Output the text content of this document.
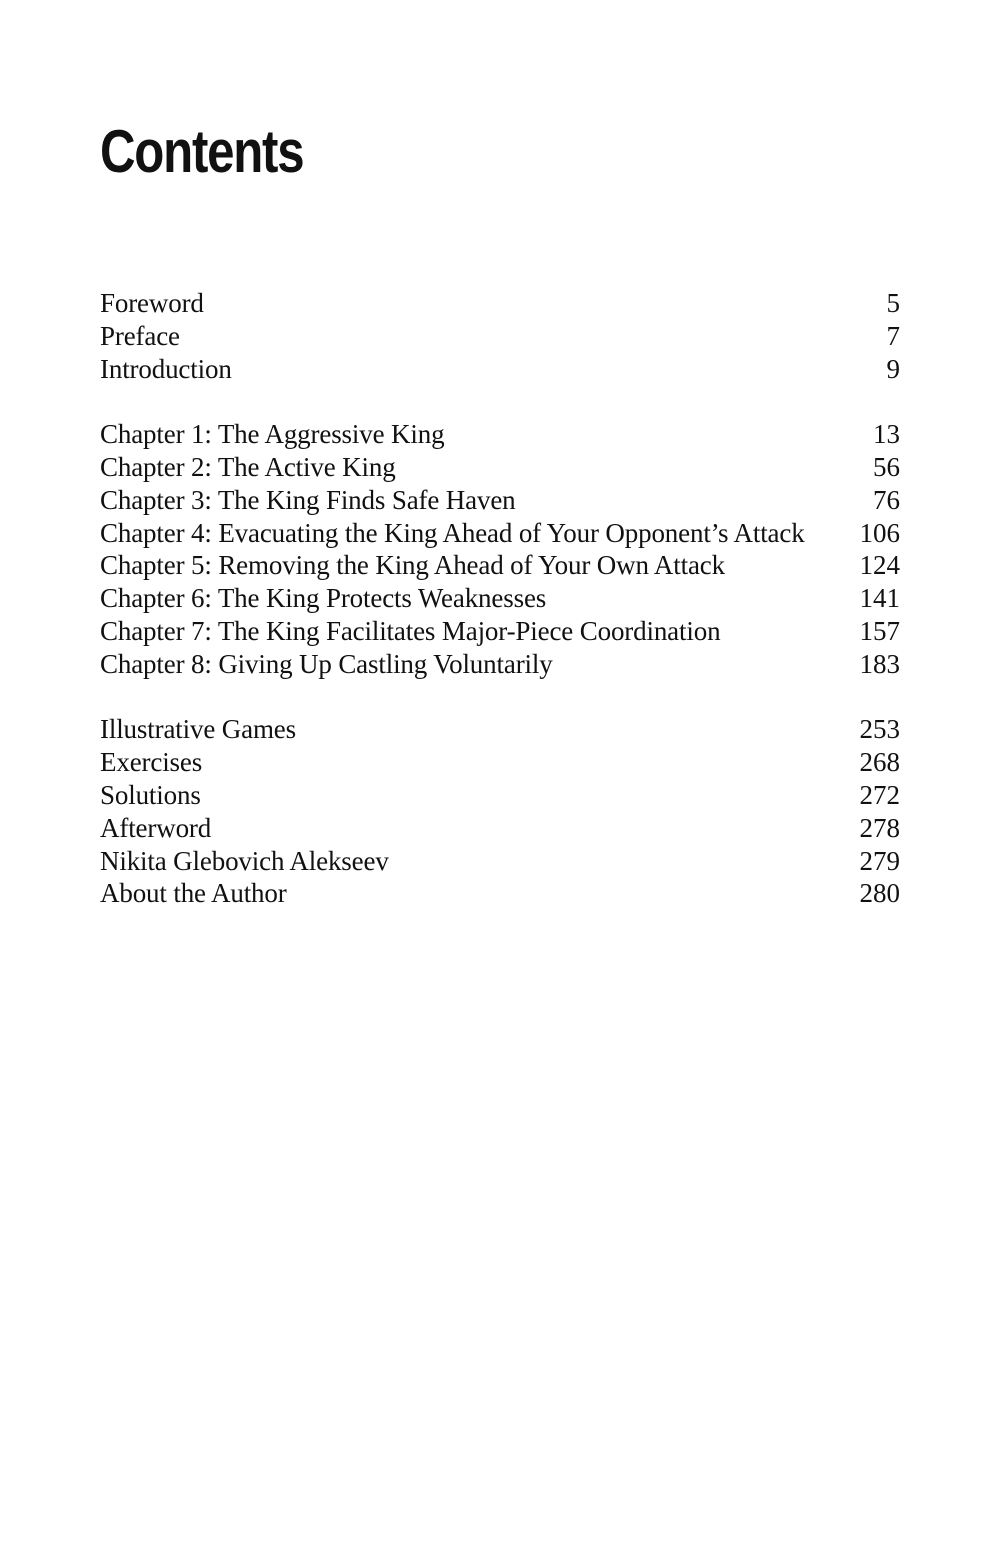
Contents
Foreword	5
Preface	7
Introduction	9
Chapter 1: The Aggressive King	13
Chapter 2: The Active King	56
Chapter 3: The King Finds Safe Haven	76
Chapter 4: Evacuating the King Ahead of Your Opponent’s Attack	106
Chapter 5: Removing the King Ahead of Your Own Attack	124
Chapter 6: The King Protects Weaknesses	141
Chapter 7: The King Facilitates Major-Piece Coordination	157
Chapter 8: Giving Up Castling Voluntarily	183
Illustrative Games	253
Exercises	268
Solutions	272
Afterword	278
Nikita Glebovich Alekseev	279
About the Author	280
